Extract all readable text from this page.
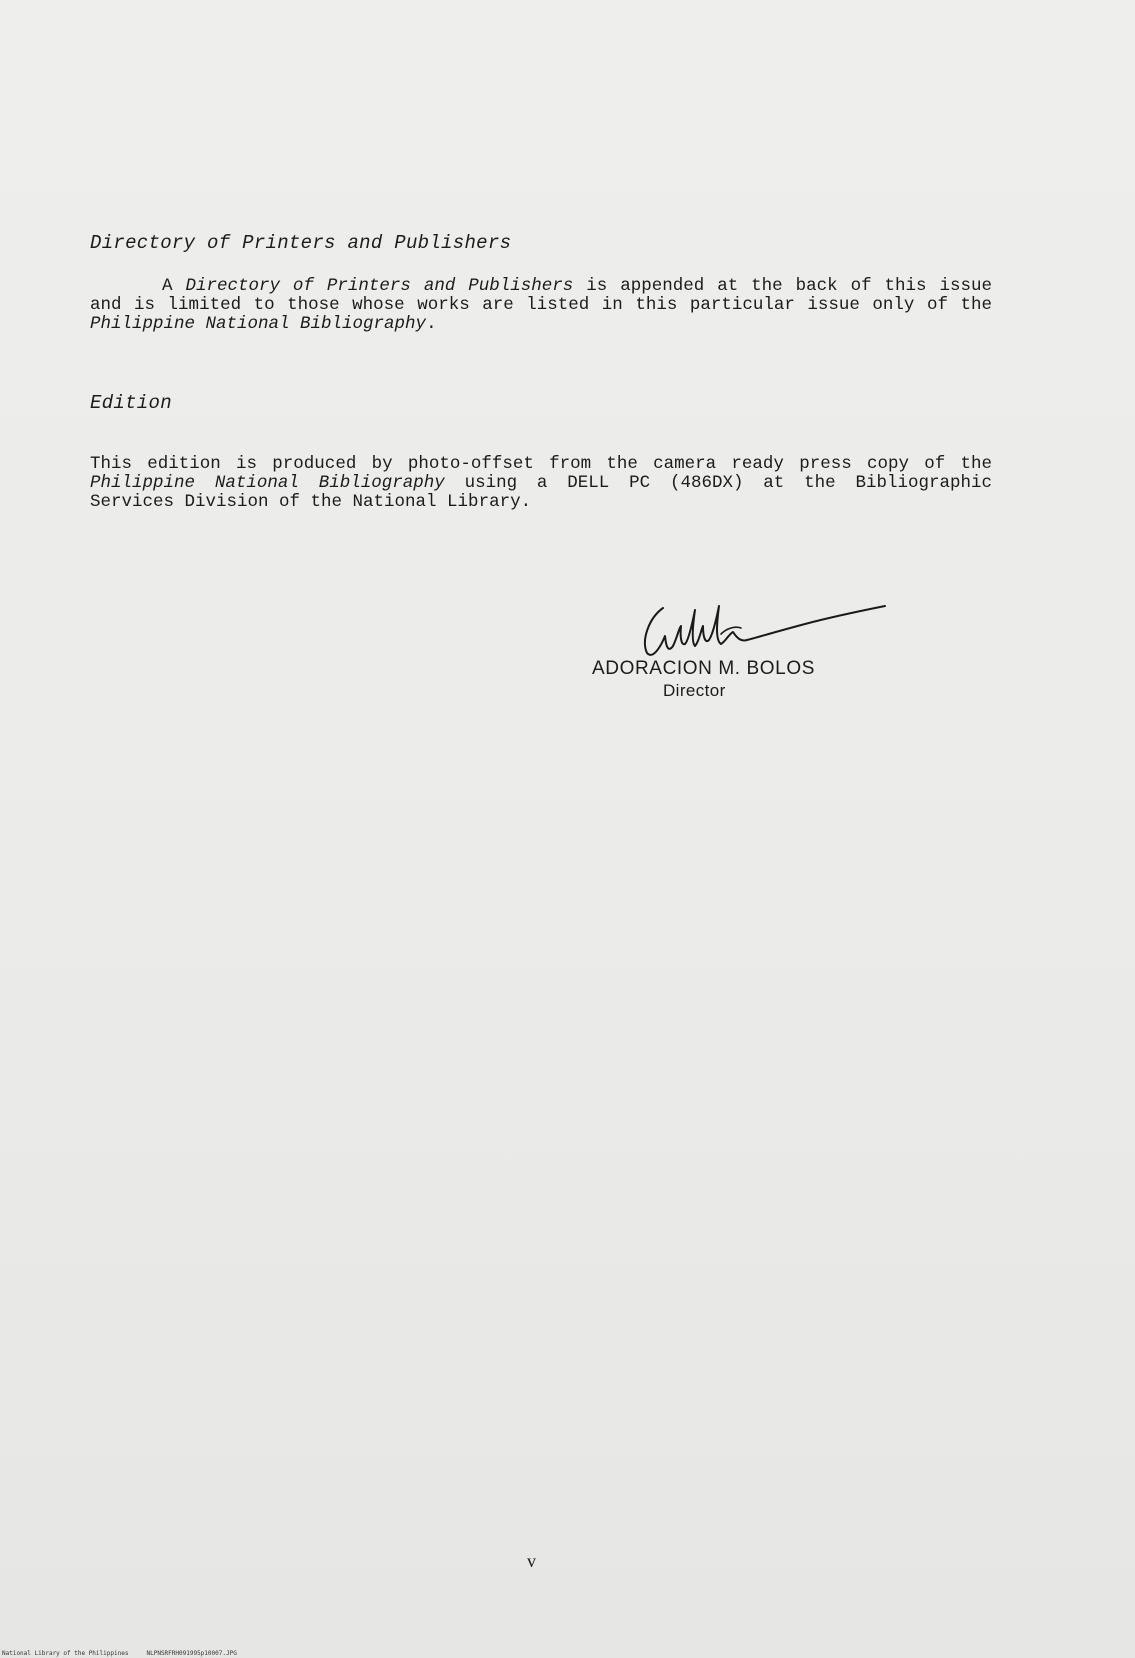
Directory of Printers and Publishers
A Directory of Printers and Publishers is appended at the back of this issue and is limited to those whose works are listed in this particular issue only of the Philippine National Bibliography.
Edition
This edition is produced by photo-offset from the camera ready press copy of the Philippine National Bibliography using a DELL PC (486DX) at the Bibliographic Services Division of the National Library.
ADORACION M. BOLOS
Director
v
National Library of the Philippines     NLPNSRFRH091995p10007.JPG
